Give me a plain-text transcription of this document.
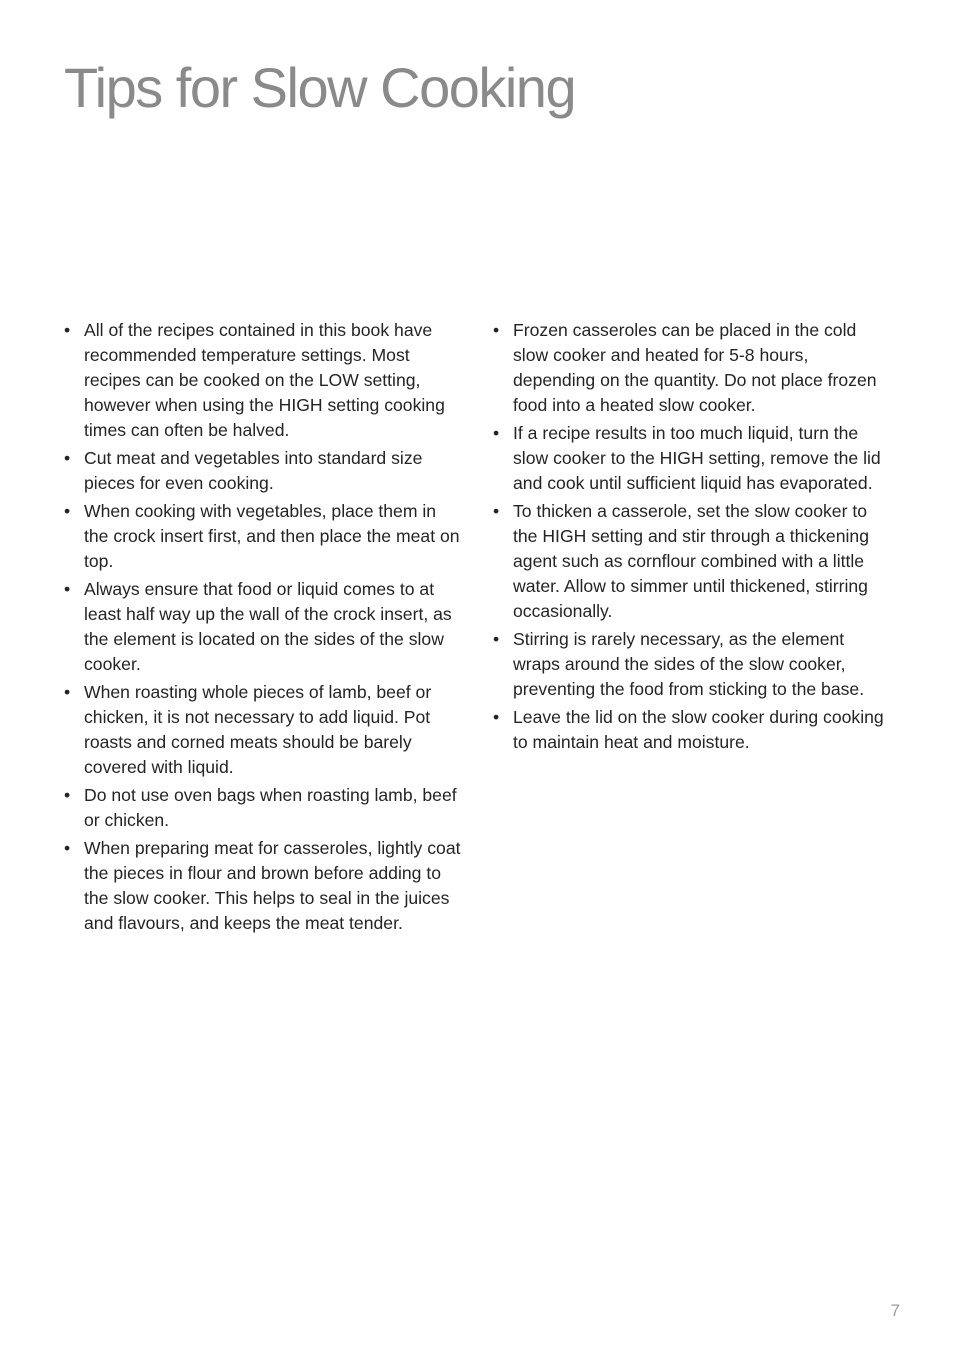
Tips for Slow Cooking
• All of the recipes contained in this book have recommended temperature settings. Most recipes can be cooked on the LOW setting, however when using the HIGH setting cooking times can often be halved.
• Cut meat and vegetables into standard size pieces for even cooking.
• When cooking with vegetables, place them in the crock insert first, and then place the meat on top.
• Always ensure that food or liquid comes to at least half way up the wall of the crock insert, as the element is located on the sides of the slow cooker.
• When roasting whole pieces of lamb, beef or chicken, it is not necessary to add liquid. Pot roasts and corned meats should be barely covered with liquid.
• Do not use oven bags when roasting lamb, beef or chicken.
• When preparing meat for casseroles, lightly coat the pieces in flour and brown before adding to the slow cooker. This helps to seal in the juices and flavours, and keeps the meat tender.
• Frozen casseroles can be placed in the cold slow cooker and heated for 5-8 hours, depending on the quantity. Do not place frozen food into a heated slow cooker.
• If a recipe results in too much liquid, turn the slow cooker to the HIGH setting, remove the lid and cook until sufficient liquid has evaporated.
• To thicken a casserole, set the slow cooker to the HIGH setting and stir through a thickening agent such as cornflour combined with a little water. Allow to simmer until thickened, stirring occasionally.
• Stirring is rarely necessary, as the element wraps around the sides of the slow cooker, preventing the food from sticking to the base.
• Leave the lid on the slow cooker during cooking to maintain heat and moisture.
7
